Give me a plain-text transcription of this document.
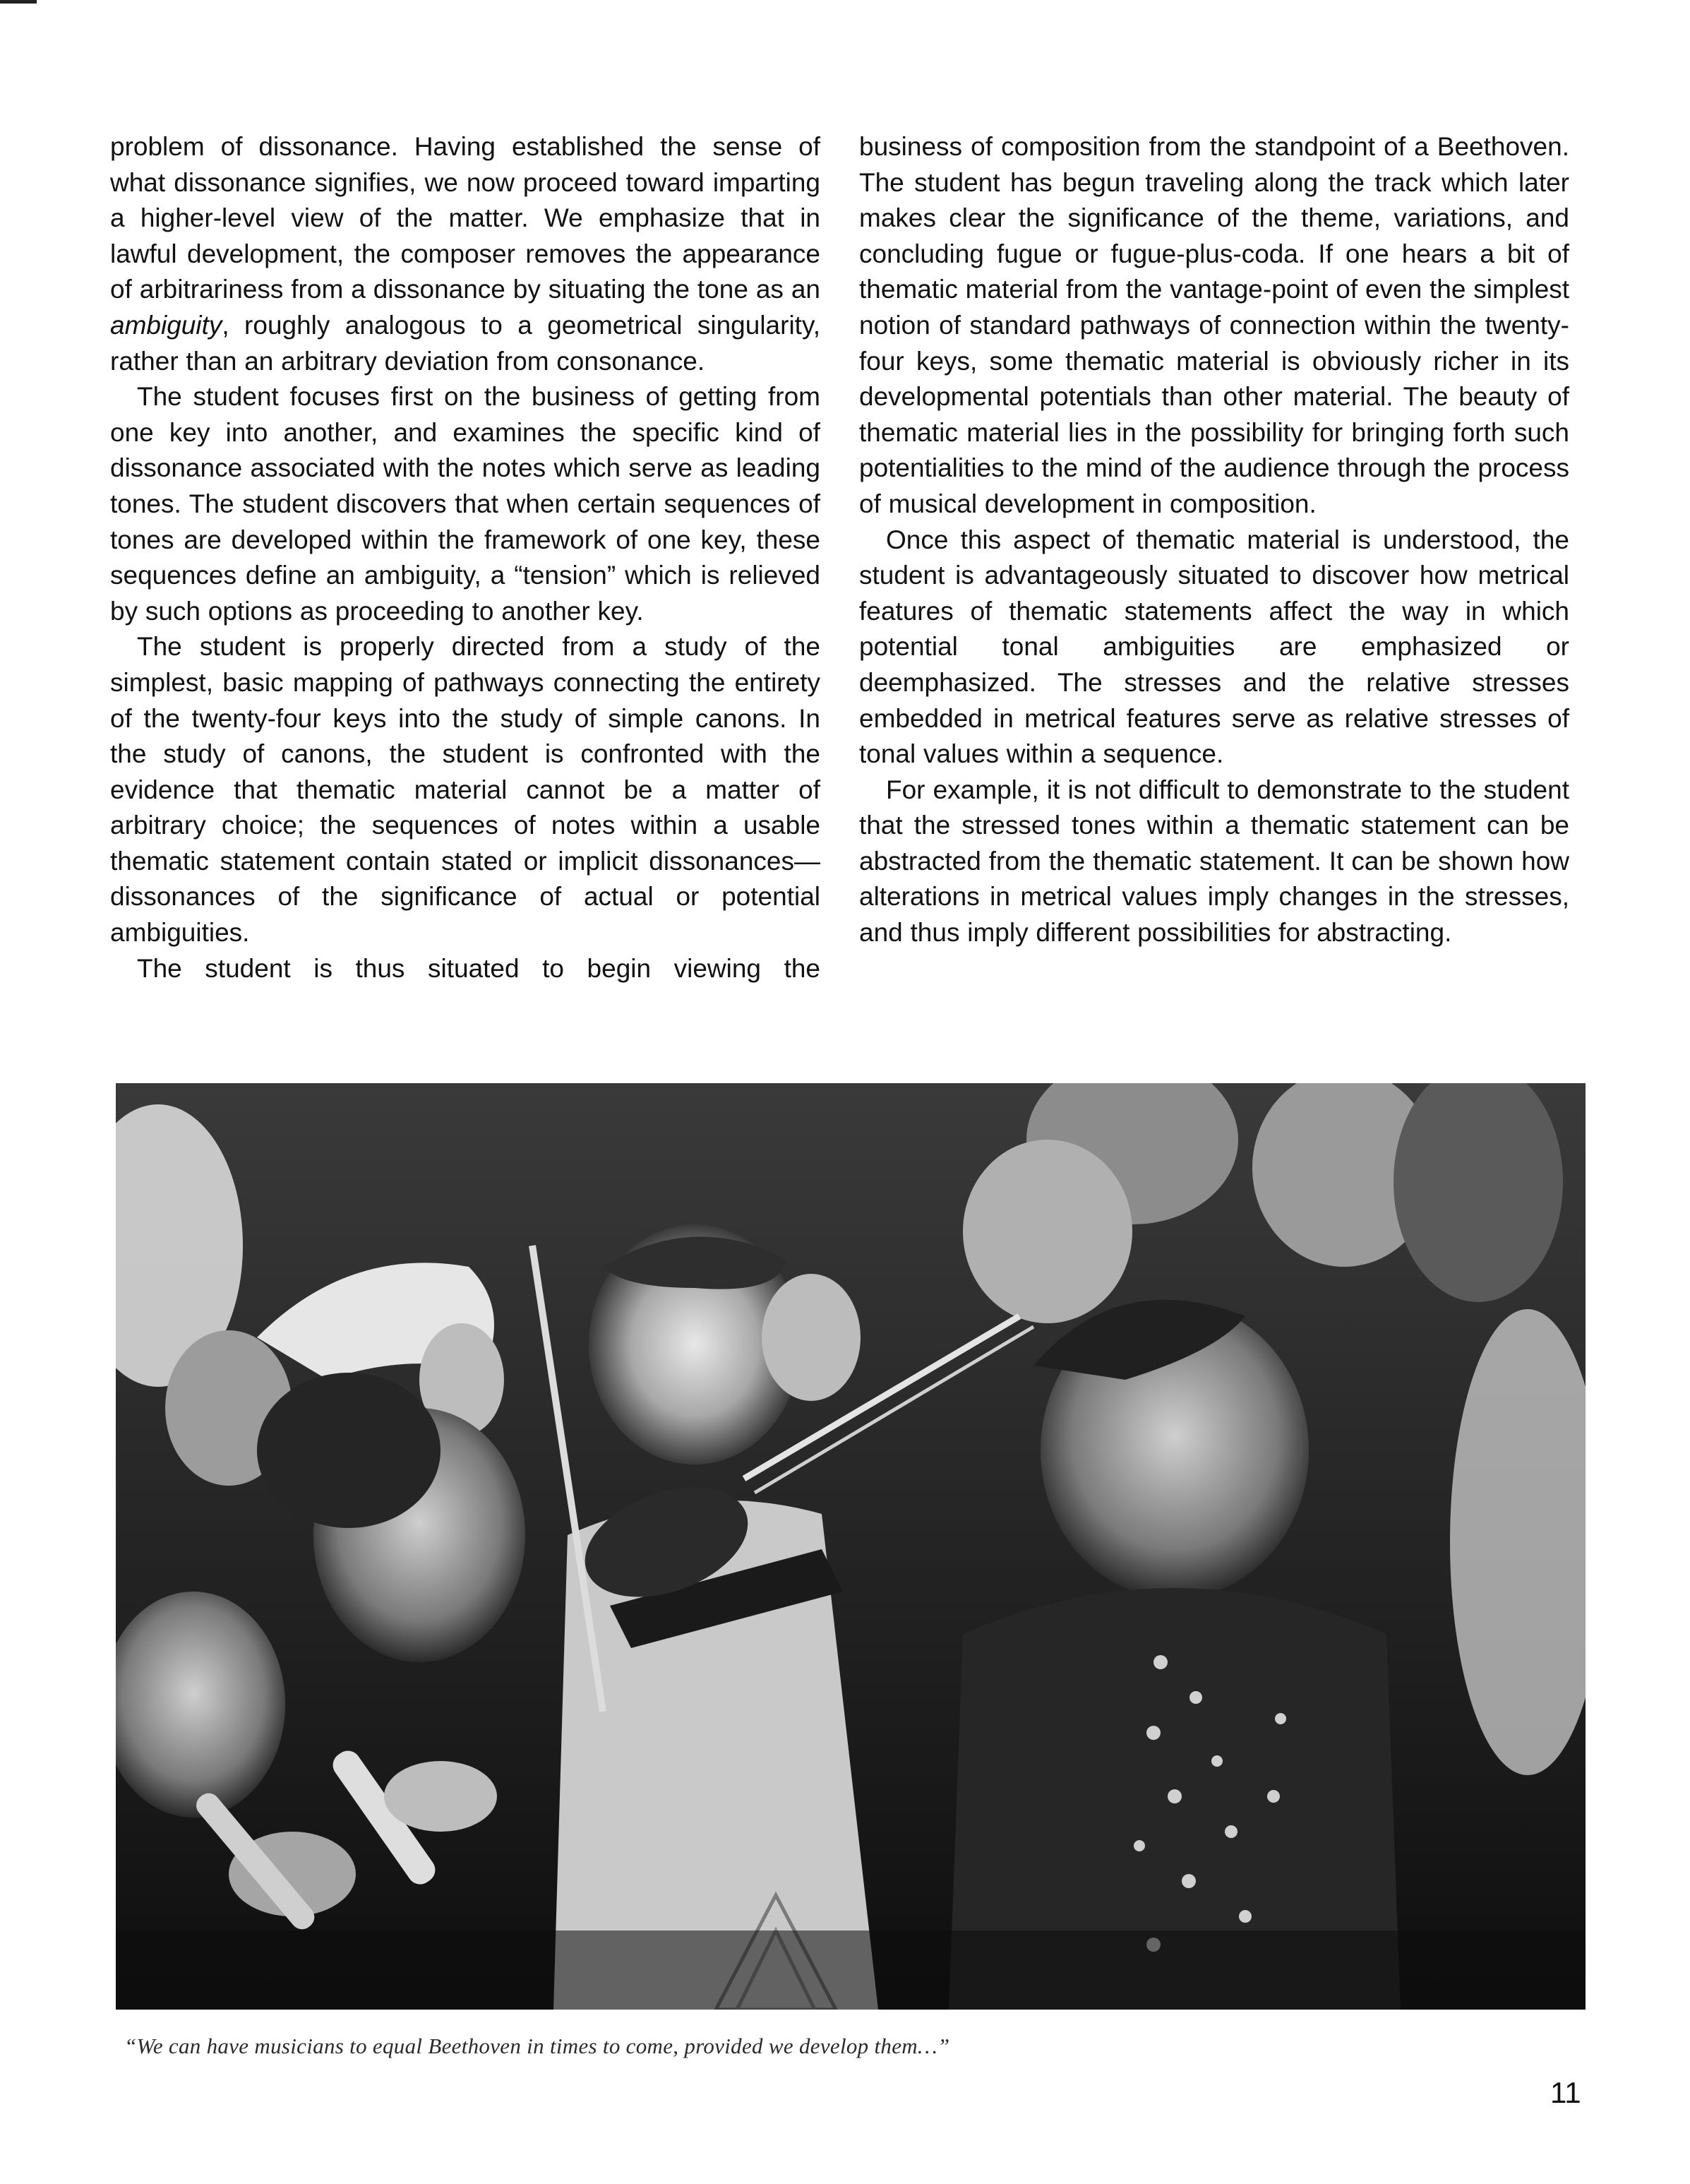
problem of dissonance. Having established the sense of what dissonance signifies, we now proceed toward imparting a higher-level view of the matter. We emphasize that in lawful development, the composer removes the appearance of arbitrariness from a dissonance by situating the tone as an ambiguity, roughly analogous to a geometrical singularity, rather than an arbitrary deviation from consonance.

The student focuses first on the business of getting from one key into another, and examines the specific kind of dissonance associated with the notes which serve as leading tones. The student discovers that when certain sequences of tones are developed within the framework of one key, these sequences define an ambiguity, a “tension” which is relieved by such options as proceeding to another key.

The student is properly directed from a study of the simplest, basic mapping of pathways connecting the entirety of the twenty-four keys into the study of simple canons. In the study of canons, the student is confronted with the evidence that thematic material cannot be a matter of arbitrary choice; the sequences of notes within a usable thematic statement contain stated or implicit dissonances—dissonances of the significance of actual or potential ambiguities.

The student is thus situated to begin viewing the

business of composition from the standpoint of a Beethoven. The student has begun traveling along the track which later makes clear the significance of the theme, variations, and concluding fugue or fugue-plus-coda. If one hears a bit of thematic material from the vantage-point of even the simplest notion of standard pathways of connection within the twenty-four keys, some thematic material is obviously richer in its developmental potentials than other material. The beauty of thematic material lies in the possibility for bringing forth such potentialities to the mind of the audience through the process of musical development in composition.

Once this aspect of thematic material is understood, the student is advantageously situated to discover how metrical features of thematic statements affect the way in which potential tonal ambiguities are emphasized or deemphasized. The stresses and the relative stresses embedded in metrical features serve as relative stresses of tonal values within a sequence.

For example, it is not difficult to demonstrate to the student that the stressed tones within a thematic statement can be abstracted from the thematic statement. It can be shown how alterations in metrical values imply changes in the stresses, and thus imply different possibilities for abstracting.

“We can have musicians to equal Beethoven in times to come, provided we develop them…”
11
